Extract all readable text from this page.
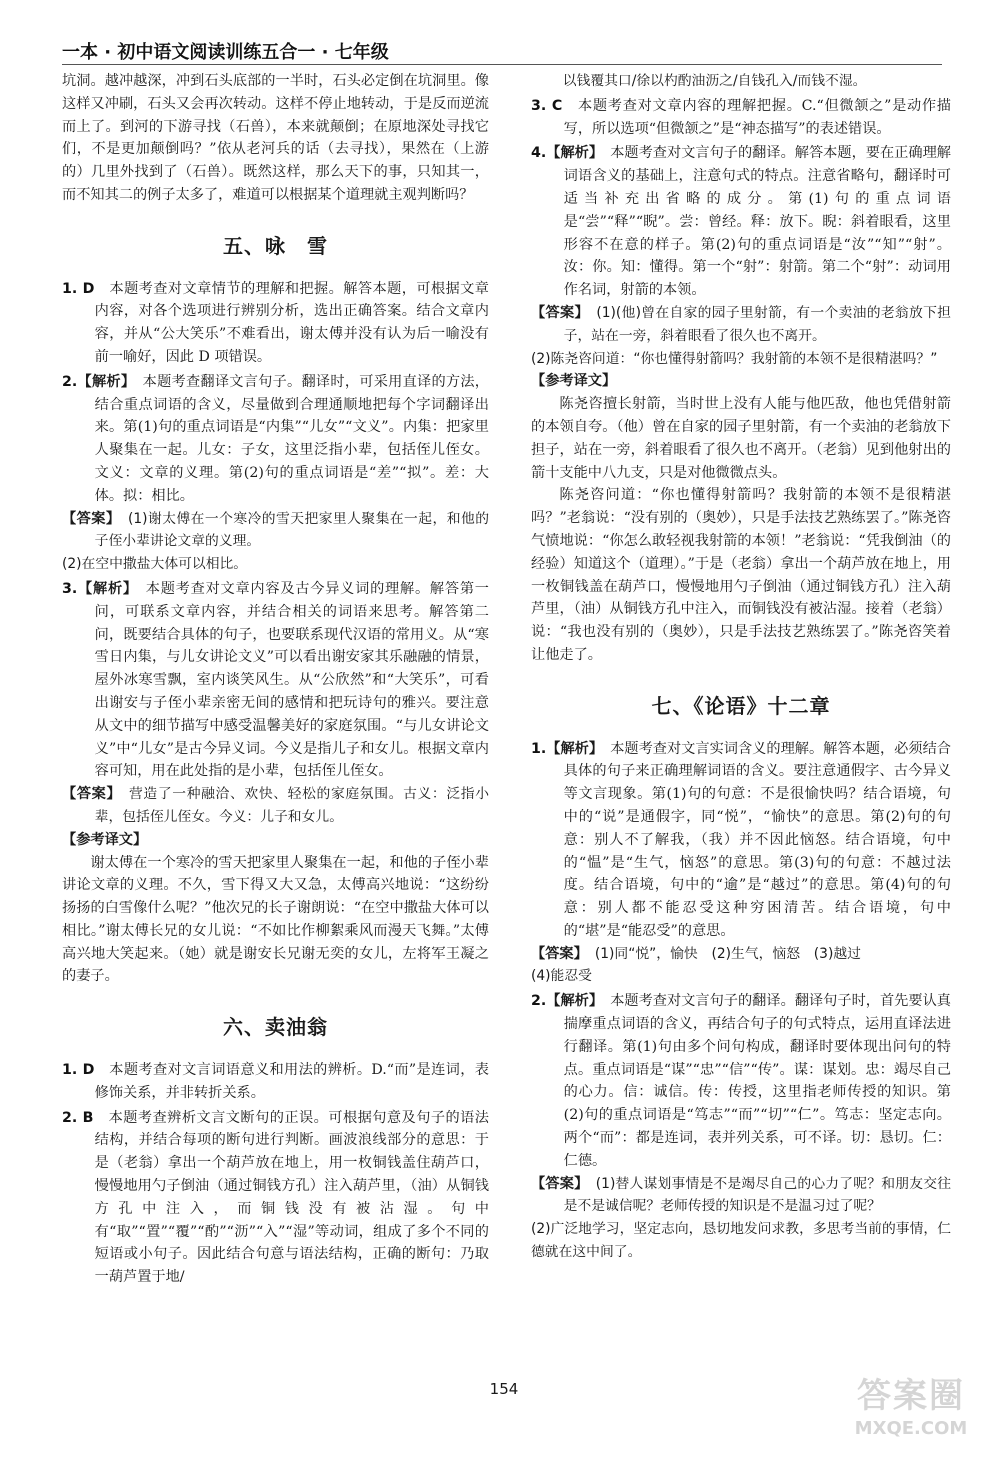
一本 · 初中语文阅读训练五合一 · 七年级

坑洞。越冲越深，冲到石头底部的一半时，石头必定倒在坑洞里。像这样又冲刷，石头又会再次转动。这样不停止地转动，于是反而逆流而上了。到河的下游寻找（石兽），本来就颠倒；在原地深处寻找它们，不是更加颠倒吗？”依从老河兵的话（去寻找），果然在（上游的）几里外找到了（石兽）。既然这样，那么天下的事，只知其一，而不知其二的例子太多了，难道可以根据某个道理就主观判断吗？

五、咏　雪

1. D　 本题考查对文章情节的理解和把握。解答本题，可根据文章内容，对各个选项进行辨别分析，选出正确答案。结合文章内容，并从“公大笑乐”不难看出，谢太傅并没有认为后一喻没有前一喻好，因此 D 项错误。

2.【解析】　 本题考查翻译文言句子。翻译时，可采用直译的方法，结合重点词语的含义，尽量做到合理通顺地把每个字词翻译出来。第(1)句的重点词语是“内集”“儿女”“文义”。内集：把家里人聚集在一起。儿女：子女，这里泛指小辈，包括侄儿侄女。文义：文章的义理。第(2)句的重点词语是“差”“拟”。差：大体。拟：相比。

【答案】　 (1)谢太傅在一个寒冷的雪天把家里人聚集在一起，和他的子侄小辈讲论文章的义理。

(2)在空中撒盐大体可以相比。

3.【解析】　 本题考查对文章内容及古今异义词的理解。解答第一问，可联系文章内容，并结合相关的词语来思考。解答第二问，既要结合具体的句子，也要联系现代汉语的常用义。从“寒雪日内集，与儿女讲论文义”可以看出谢安家其乐融融的情景，屋外冰寒雪飘，室内谈笑风生。从“公欣然”和“大笑乐”，可看出谢安与子侄小辈亲密无间的感情和把玩诗句的雅兴。要注意从文中的细节描写中感受温馨美好的家庭氛围。“与儿女讲论文义”中“儿女”是古今异义词。今义是指儿子和女儿。根据文章内容可知，用在此处指的是小辈，包括侄儿侄女。

【答案】　 营造了一种融洽、欢快、轻松的家庭氛围。古义：泛指小辈，包括侄儿侄女。今义：儿子和女儿。

【参考译文】

谢太傅在一个寒冷的雪天把家里人聚集在一起，和他的子侄小辈讲论文章的义理。不久，雪下得又大又急，太傅高兴地说：“这纷纷扬扬的白雪像什么呢？”他次兄的长子谢朗说：“在空中撒盐大体可以相比。”谢太傅长兄的女儿说：“不如比作柳絮乘风而漫天飞舞。”太傅高兴地大笑起来。（她）就是谢安长兄谢无奕的女儿，左将军王凝之的妻子。

六、卖油翁

1. D　 本题考查对文言词语意义和用法的辨析。D.“而”是连词，表修饰关系，并非转折关系。

2. B　 本题考查辨析文言文断句的正误。可根据句意及句子的语法结构，并结合每项的断句进行判断。画波浪线部分的意思：于是（老翁）拿出一个葫芦放在地上，用一枚铜钱盖住葫芦口，慢慢地用勺子倒油（通过铜钱方孔）注入葫芦里，（油）从铜钱方孔中注入，而铜钱没有被沾湿。句中有“取”“置”“覆”“酌”“沥”“入”“湿”等动词，组成了多个不同的短语或小句子。因此结合句意与语法结构，正确的断句：乃取一葫芦置于地/

以钱覆其口/徐以杓酌油沥之/自钱孔入/而钱不湿。

3. C　 本题考查对文章内容的理解把握。C.“但微颔之”是动作描写，所以选项“但微颔之”是“神态描写”的表述错误。

4.【解析】　 本题考查对文言句子的翻译。解答本题，要在正确理解词语含义的基础上，注意句式的特点。注意省略句，翻译时可适当补充出省略的成分。第(1)句的重点词语是“尝”“释”“睨”。尝：曾经。释：放下。睨：斜着眼看，这里形容不在意的样子。第(2)句的重点词语是“汝”“知”“射”。汝：你。知：懂得。第一个“射”：射箭。第二个“射”：动词用作名词，射箭的本领。

【答案】　 (1)(他)曾在自家的园子里射箭，有一个卖油的老翁放下担子，站在一旁，斜着眼看了很久也不离开。

(2)陈尧咨问道：“你也懂得射箭吗？我射箭的本领不是很精湛吗？”

【参考译文】

陈尧咨擅长射箭，当时世上没有人能与他匹敌，他也凭借射箭的本领自夸。（他）曾在自家的园子里射箭，有一个卖油的老翁放下担子，站在一旁，斜着眼看了很久也不离开。（老翁）见到他射出的箭十支能中八九支，只是对他微微点头。

陈尧咨问道：“你也懂得射箭吗？我射箭的本领不是很精湛吗？”老翁说：“没有别的（奥妙），只是手法技艺熟练罢了。”陈尧咨气愤地说：“你怎么敢轻视我射箭的本领！”老翁说：“凭我倒油（的经验）知道这个（道理）。”于是（老翁）拿出一个葫芦放在地上，用一枚铜钱盖在葫芦口，慢慢地用勺子倒油（通过铜钱方孔）注入葫芦里，（油）从铜钱方孔中注入，而铜钱没有被沾湿。接着（老翁）说：“我也没有别的（奥妙），只是手法技艺熟练罢了。”陈尧咨笑着让他走了。

七、《论语》十二章

1.【解析】　 本题考查对文言实词含义的理解。解答本题，必须结合具体的句子来正确理解词语的含义。要注意通假字、古今异义等文言现象。第(1)句的句意：不是很愉快吗？结合语境，句中的“说”是通假字，同“悦”，“愉快”的意思。第(2)句的句意：别人不了解我，（我）并不因此恼怒。结合语境，句中的“愠”是“生气，恼怒”的意思。第(3)句的句意：不越过法度。结合语境，句中的“逾”是“越过”的意思。第(4)句的句意：别人都不能忍受这种穷困清苦。结合语境，句中的“堪”是“能忍受”的意思。

【答案】　 (1)同“悦”，愉快　(2)生气，恼怒　(3)越过

(4)能忍受

2.【解析】　 本题考查对文言句子的翻译。翻译句子时，首先要认真揣摩重点词语的含义，再结合句子的句式特点，运用直译法进行翻译。第(1)句由多个问句构成，翻译时要体现出问句的特点。重点词语是“谋”“忠”“信”“传”。谋：谋划。忠：竭尽自己的心力。信：诚信。传：传授，这里指老师传授的知识。第(2)句的重点词语是“笃志”“而”“切”“仁”。笃志：坚定志向。两个“而”：都是连词，表并列关系，可不译。切：恳切。仁：仁德。

【答案】　 (1)替人谋划事情是不是竭尽自己的心力了呢？和朋友交往是不是诚信呢？老师传授的知识是不是温习过了呢？

(2)广泛地学习，坚定志向，恳切地发问求教，多思考当前的事情，仁德就在这中间了。

154	答案圈
MXQE.COM
